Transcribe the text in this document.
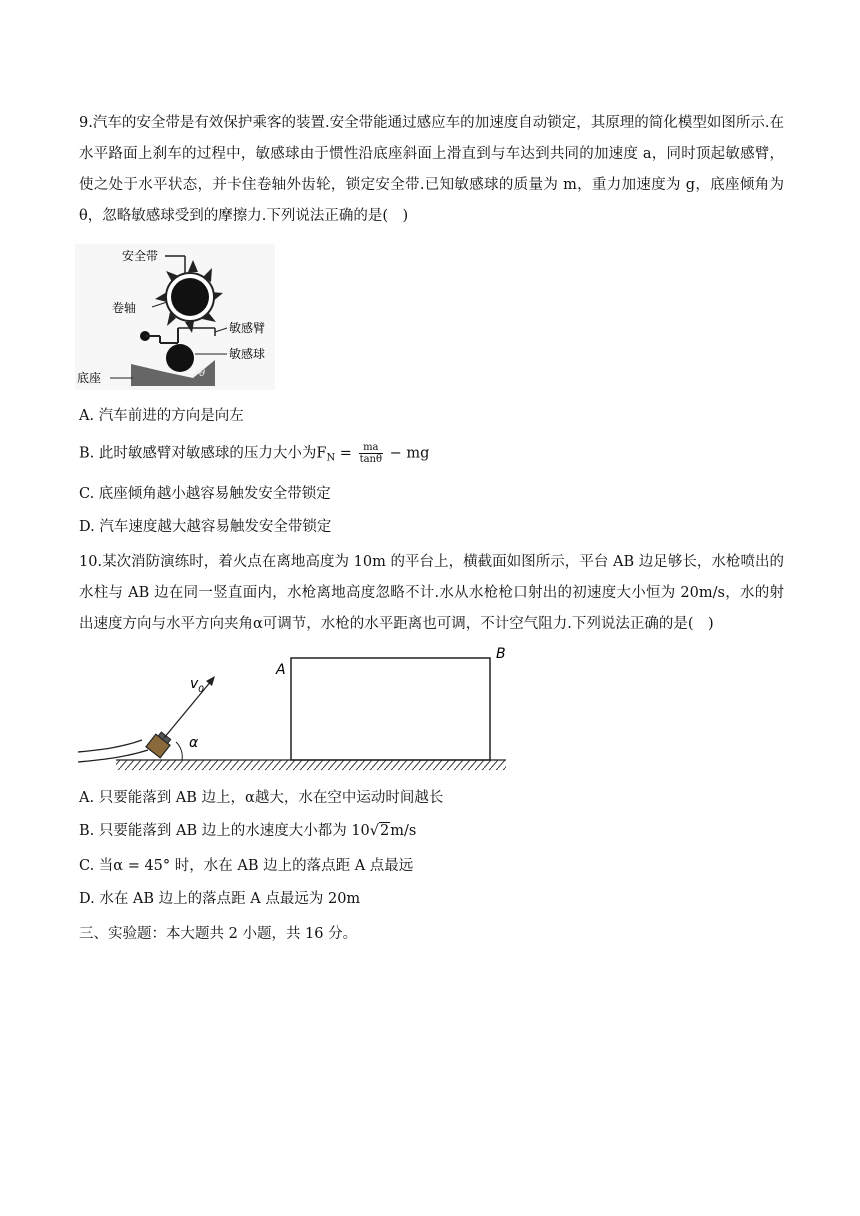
9.汽车的安全带是有效保护乘客的装置.安全带能通过感应车的加速度自动锁定，其原理的简化模型如图所示.在水平路面上刹车的过程中，敏感球由于惯性沿底座斜面上滑直到与车达到共同的加速度 a，同时顶起敏感臂，使之处于水平状态，并卡住卷轴外齿轮，锁定安全带.已知敏感球的质量为 m，重力加速度为 g，底座倾角为θ，忽略敏感球受到的摩擦力.下列说法正确的是(　)
安全带
卷轴
敏感臂
敏感球
θ
底座
A. 汽车前进的方向是向左
B. 此时敏感臂对敏感球的压力大小为$F_N = \frac{ma}{\tan\theta}$ − mg
C. 底座倾角越小越容易触发安全带锁定
D. 汽车速度越大越容易触发安全带锁定
10.某次消防演练时，着火点在离地高度为 10m 的平台上，横截面如图所示，平台 AB 边足够长，水枪喷出的水柱与 AB 边在同一竖直面内，水枪离地高度忽略不计.水从水枪枪口射出的初速度大小恒为 20m/s，水的射出速度方向与水平方向夹角α可调节，水枪的水平距离也可调，不计空气阻力.下列说法正确的是(　)
A
B
$v_0$
α
A. 只要能落到 AB 边上，α越大，水在空中运动时间越长
B. 只要能落到 AB 边上的水速度大小都为 10√2m/s
C. 当α = 45° 时，水在 AB 边上的落点距 A 点最远
D. 水在 AB 边上的落点距 A 点最远为 20m
三、实验题：本大题共 2 小题，共 16 分。
